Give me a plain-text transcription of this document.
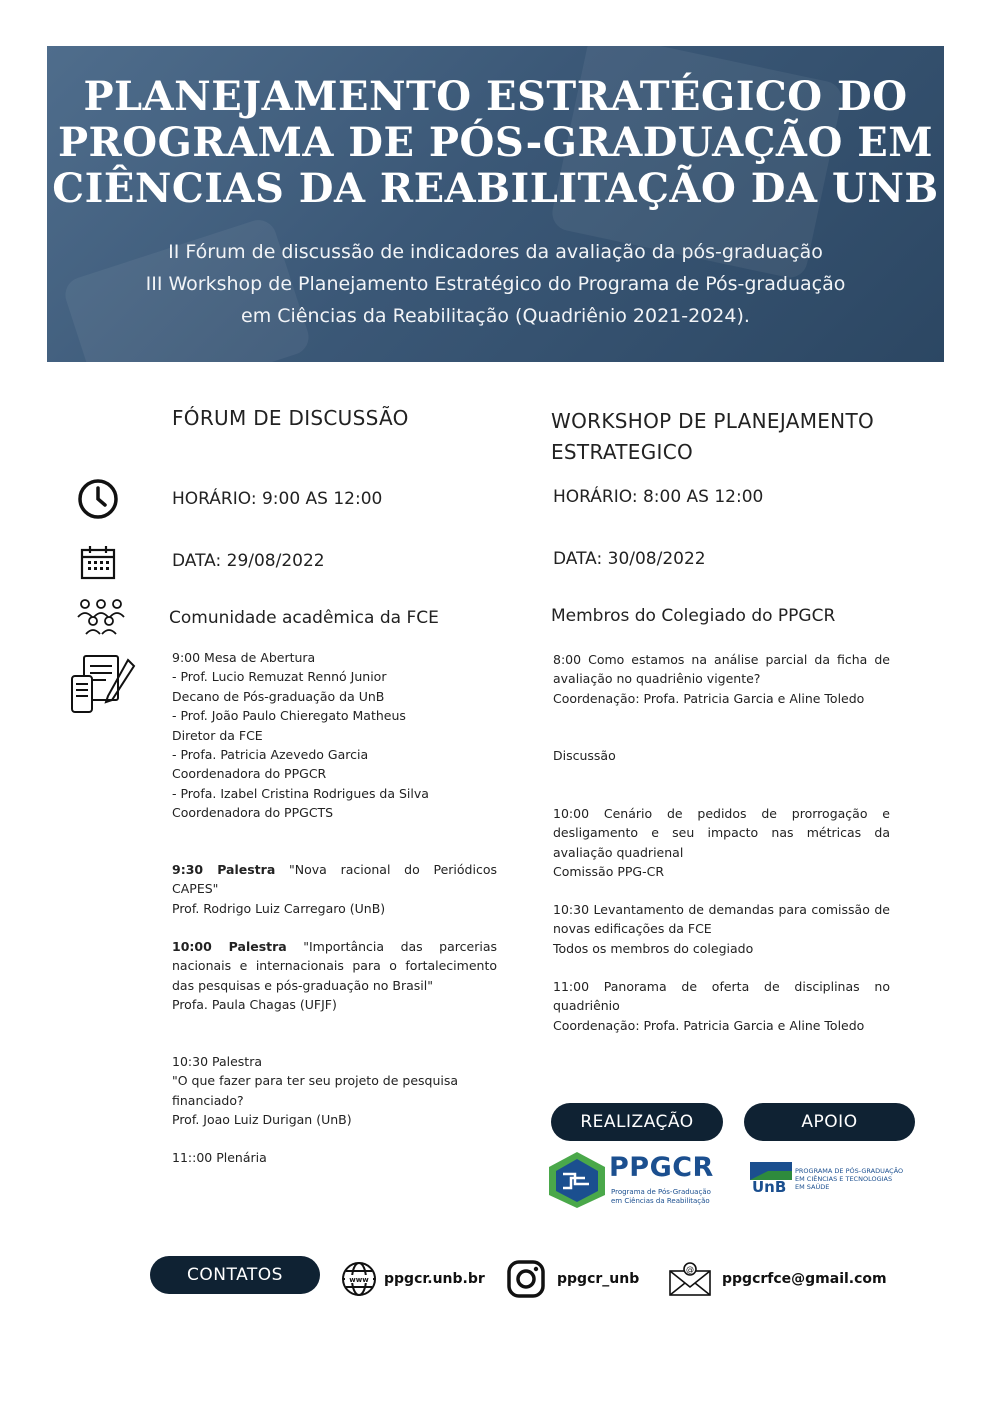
PLANEJAMENTO ESTRATÉGICO DO
PROGRAMA DE PÓS-GRADUAÇÃO EM
CIÊNCIAS DA REABILITAÇÃO DA UNB
II Fórum de discussão de indicadores da avaliação da pós-graduação
III Workshop de Planejamento Estratégico do Programa de Pós-graduação
em Ciências da Reabilitação (Quadriênio 2021-2024).
FÓRUM DE DISCUSSÃO
HORÁRIO: 9:00 AS 12:00
DATA: 29/08/2022
Comunidade acadêmica da FCE
WORKSHOP DE PLANEJAMENTO
ESTRATEGICO
HORÁRIO: 8:00 AS 12:00
DATA: 30/08/2022
Membros do Colegiado do PPGCR
9:00 Mesa de Abertura
- Prof. Lucio Remuzat Rennó Junior
Decano de Pós-graduação da UnB
- Prof. João Paulo Chieregato Matheus
Diretor da FCE
- Profa. Patricia Azevedo Garcia
Coordenadora do PPGCR
- Profa. Izabel Cristina Rodrigues da Silva
Coordenadora do PPGCTS
9:30 Palestra "Nova racional do Periódicos CAPES"
Prof. Rodrigo Luiz Carregaro (UnB)
10:00 Palestra "Importância das parcerias nacionais e internacionais para o fortalecimento das pesquisas e pós-graduação no Brasil"
Profa. Paula Chagas (UFJF)
10:30 Palestra
"O que fazer para ter seu projeto de pesquisa financiado?
Prof. Joao Luiz Durigan (UnB)
11::00 Plenária
8:00 Como estamos na análise parcial da ficha de avaliação no quadriênio vigente?
Coordenação: Profa. Patricia Garcia e Aline Toledo
Discussão
10:00 Cenário de pedidos de prorrogação e desligamento e seu impacto nas métricas da avaliação quadrienal
Comissão PPG-CR
10:30 Levantamento de demandas para comissão de novas edificações da FCE
Todos os membros do colegiado
11:00 Panorama de oferta de disciplinas no quadriênio
Coordenação: Profa. Patricia Garcia e Aline Toledo
REALIZAÇÃO	APOIO
PPGCR
Programa de Pós-Graduação
em Ciências da Reabilitação
UnB
PROGRAMA DE PÓS-GRADUAÇÃO
EM CIÊNCIAS E TECNOLOGIAS
EM SAÚDE
CONTATOS	www ppgcr.unb.br	ppgcr_unb
@
ppgcrfce@gmail.com
